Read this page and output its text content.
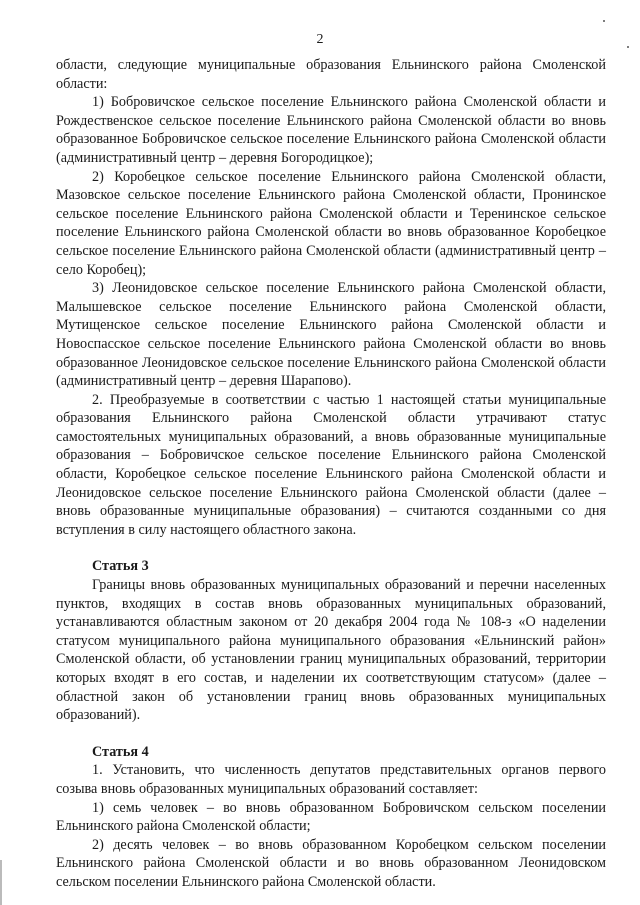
2

области, следующие муниципальные образования Ельнинского района Смоленской области:

1) Бобровичское сельское поселение Ельнинского района Смоленской области и Рождественское сельское поселение Ельнинского района Смоленской области во вновь образованное Бобровичское сельское поселение Ельнинского района Смоленской области (административный центр – деревня Богородицкое);

2) Коробецкое сельское поселение Ельнинского района Смоленской области, Мазовское сельское поселение Ельнинского района Смоленской области, Пронинское сельское поселение Ельнинского района Смоленской области и Теренинское сельское поселение Ельнинского района Смоленской области во вновь образованное Коробецкое сельское поселение Ельнинского района Смоленской области (административный центр – село Коробец);

3) Леонидовское сельское поселение Ельнинского района Смоленской области, Малышевское сельское поселение Ельнинского района Смоленской области, Мутищенское сельское поселение Ельнинского района Смоленской области и Новоспасское сельское поселение Ельнинского района Смоленской области во вновь образованное Леонидовское сельское поселение Ельнинского района Смоленской области (административный центр – деревня Шарапово).

2. Преобразуемые в соответствии с частью 1 настоящей статьи муниципальные образования Ельнинского района Смоленской области утрачивают статус самостоятельных муниципальных образований, а вновь образованные муниципальные образования – Бобровичское сельское поселение Ельнинского района Смоленской области, Коробецкое сельское поселение Ельнинского района Смоленской области и Леонидовское сельское поселение Ельнинского района Смоленской области (далее – вновь образованные муниципальные образования) – считаются созданными со дня вступления в силу настоящего областного закона.

Статья 3

Границы вновь образованных муниципальных образований и перечни населенных пунктов, входящих в состав вновь образованных муниципальных образований, устанавливаются областным законом от 20 декабря 2004 года № 108-з «О наделении статусом муниципального района муниципального образования «Ельнинский район» Смоленской области, об установлении границ муниципальных образований, территории которых входят в его состав, и наделении их соответствующим статусом» (далее – областной закон об установлении границ вновь образованных муниципальных образований).

Статья 4

1. Установить, что численность депутатов представительных органов первого созыва вновь образованных муниципальных образований составляет:

1) семь человек – во вновь образованном Бобровичском сельском поселении Ельнинского района Смоленской области;

2) десять человек – во вновь образованном Коробецком сельском поселении Ельнинского района Смоленской области и во вновь образованном Леонидовском сельском поселении Ельнинского района Смоленской области.
